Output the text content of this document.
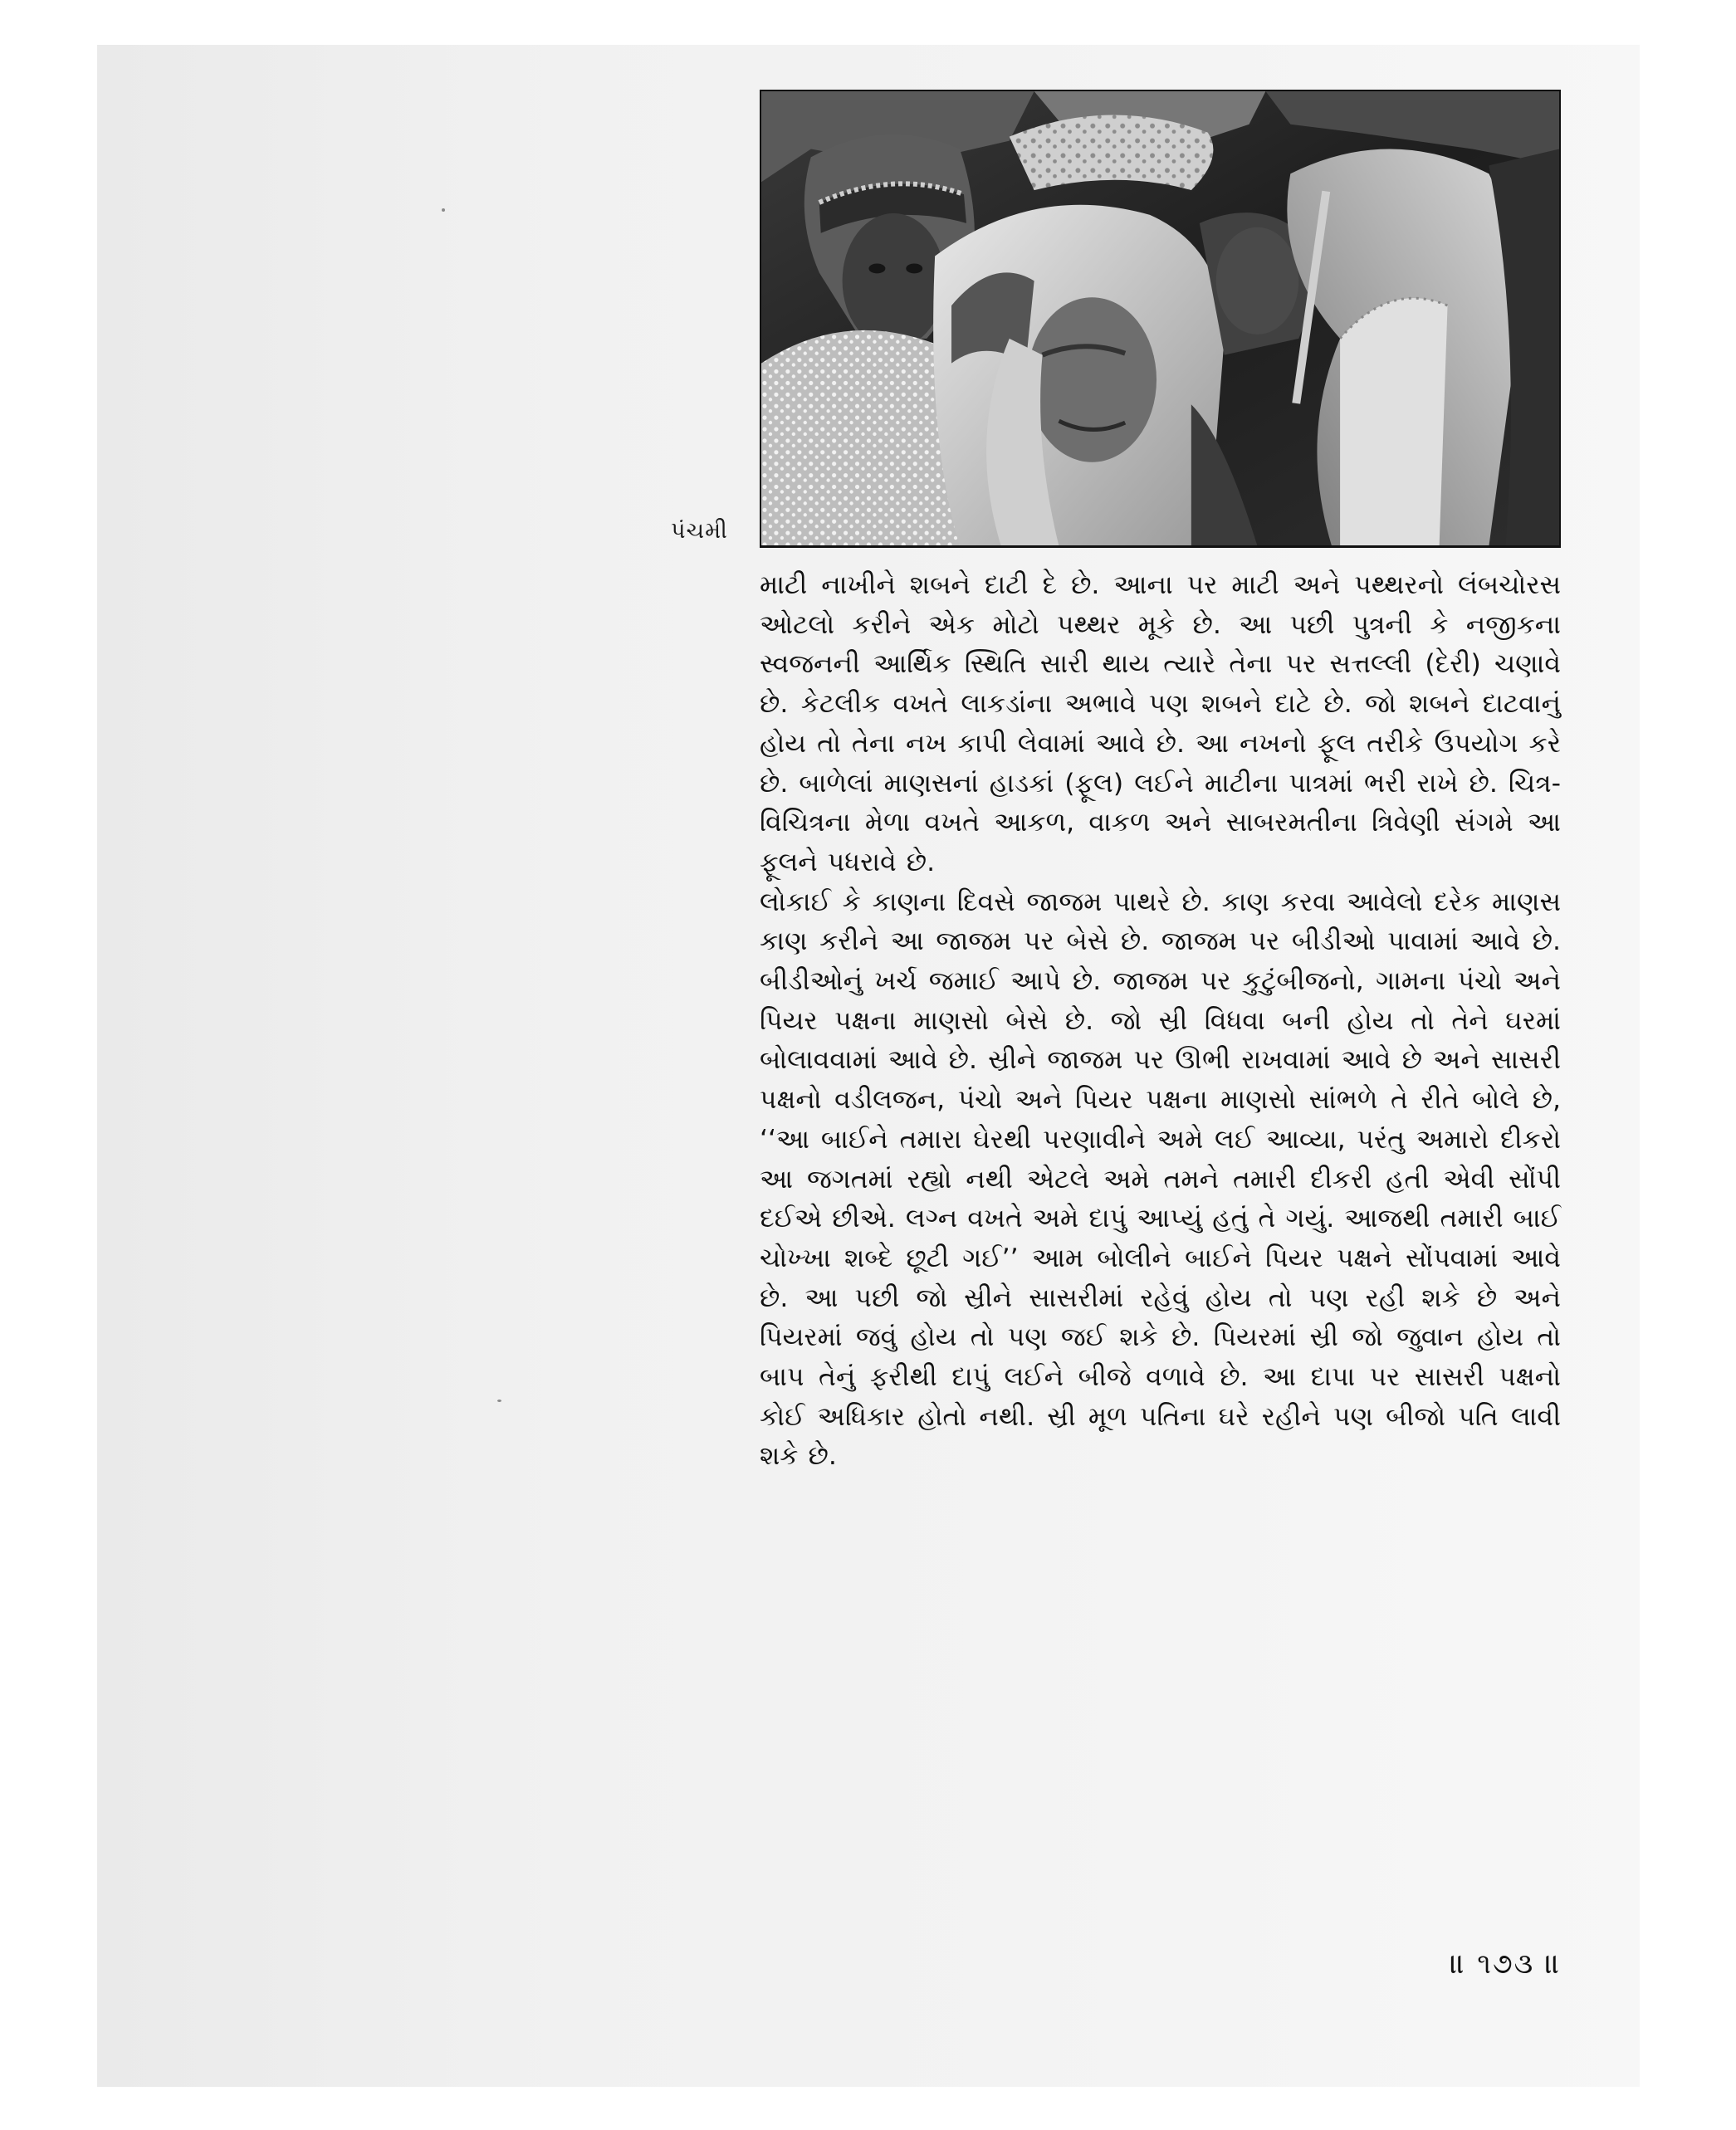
પંચમી

માટી નાખીને શબને દાટી દે છે. આના પર માટી અને પથ્થરનો લંબચોરસ ઓટલો કરીને એક મોટો પથ્થર મૂકે છે. આ પછી પુત્રની કે નજીકના સ્વજનની આર્થિક સ્થિતિ સારી થાય ત્યારે તેના પર સત્તલ્લી (દેરી) ચણાવે છે. કેટલીક વખતે લાકડાંના અભાવે પણ શબને દાટે છે. જો શબને દાટવાનું હોય તો તેના નખ કાપી લેવામાં આવે છે. આ નખનો ફૂલ તરીકે ઉપયોગ કરે છે. બાળેલાં માણસનાં હાડકાં (ફૂલ) લઈને માટીના પાત્રમાં ભરી રાખે છે. ચિત્ર- વિચિત્રના મેળા વખતે આકળ, વાકળ અને સાબરમતીના ત્રિવેણી સંગમે આ ફૂલને પધરાવે છે.

લોકાઈ કે કાણના દિવસે જાજમ પાથરે છે. કાણ કરવા આવેલો દરેક માણસ કાણ કરીને આ જાજમ પર બેસે છે. જાજમ પર બીડીઓ પાવામાં આવે છે. બીડીઓનું ખર્ચ જમાઈ આપે છે. જાજમ પર કુટુંબીજનો, ગામના પંચો અને પિયર પક્ષના માણસો બેસે છે. જો સ્રી વિધવા બની હોય તો તેને ઘરમાં બોલાવવામાં આવે છે. સ્રીને જાજમ પર ઊભી રાખવામાં આવે છે અને સાસરી પક્ષનો વડીલજન, પંચો અને પિયર પક્ષના માણસો સાંભળે તે રીતે બોલે છે, ‘‘આ બાઈને તમારા ઘેરથી પરણાવીને અમે લઈ આવ્યા, પરંતુ અમારો દીકરો આ જગતમાં રહ્યો નથી એટલે અમે તમને તમારી દીકરી હતી એવી સોંપી દઈએ છીએ. લગ્ન વખતે અમે દાપું આપ્યું હતું તે ગયું. આજથી તમારી બાઈ ચોખ્ખા શબ્દે છૂટી ગઈ’’ આમ બોલીને બાઈને પિયર પક્ષને સોંપવામાં આવે છે. આ પછી જો સ્રીને સાસરીમાં રહેવું હોય તો પણ રહી શકે છે અને પિયરમાં જવું હોય તો પણ જઈ શકે છે. પિયરમાં સ્રી જો જુવાન હોય તો બાપ તેનું ફરીથી દાપું લઈને બીજે વળાવે છે. આ દાપા પર સાસરી પક્ષનો કોઈ અધિકાર હોતો નથી. સ્રી મૂળ પતિના ઘરે રહીને પણ બીજો પતિ લાવી શકે છે.

॥ ૧૭૩ ॥
